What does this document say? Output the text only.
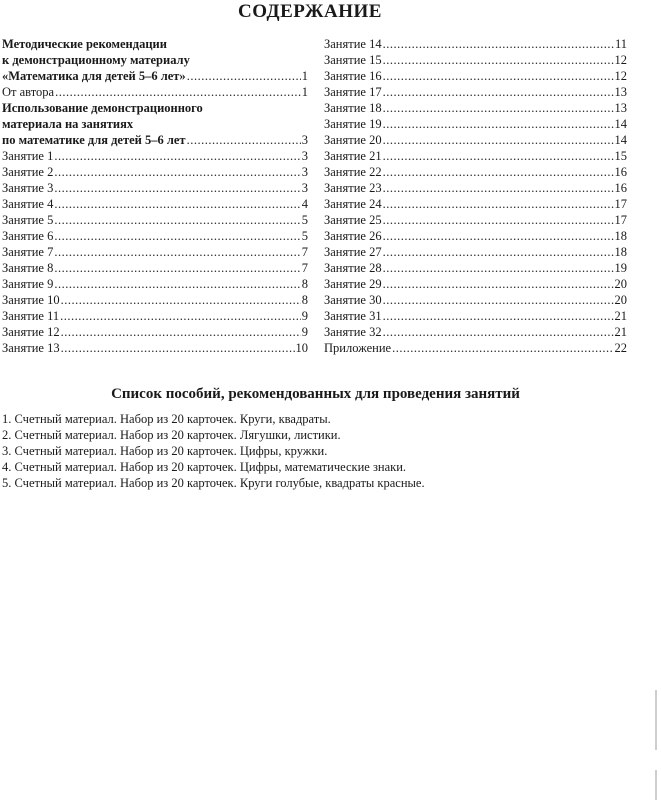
СОДЕРЖАНИЕ
Методические рекомендации
к демонстрационному материалу
«Математика для детей 5–6 лет» .....	1
От автора .....	1
Использование демонстрационного
материала на занятиях
по математике для детей 5–6 лет .....	3
Занятие 1 .....	3
Занятие 2 .....	3
Занятие 3 .....	3
Занятие 4 .....	4
Занятие 5 .....	5
Занятие 6 .....	5
Занятие 7 .....	7
Занятие 8 .....	7
Занятие 9 .....	8
Занятие 10 .....	8
Занятие 11 .....	9
Занятие 12 .....	9
Занятие 13 .....	10
Занятие 14 .....	11
Занятие 15 .....	12
Занятие 16 .....	12
Занятие 17 .....	13
Занятие 18 .....	13
Занятие 19 .....	14
Занятие 20 .....	14
Занятие 21 .....	15
Занятие 22 .....	16
Занятие 23 .....	16
Занятие 24 .....	17
Занятие 25 .....	17
Занятие 26 .....	18
Занятие 27 .....	18
Занятие 28 .....	19
Занятие 29 .....	20
Занятие 30 .....	20
Занятие 31 .....	21
Занятие 32 .....	21
Приложение .....	22
Список пособий, рекомендованных для проведения занятий
1. Счетный материал. Набор из 20 карточек. Круги, квадраты.
2. Счетный материал. Набор из 20 карточек. Лягушки, листики.
3. Счетный материал. Набор из 20 карточек. Цифры, кружки.
4. Счетный материал. Набор из 20 карточек. Цифры, математические знаки.
5. Счетный материал. Набор из 20 карточек. Круги голубые, квадраты красные.
